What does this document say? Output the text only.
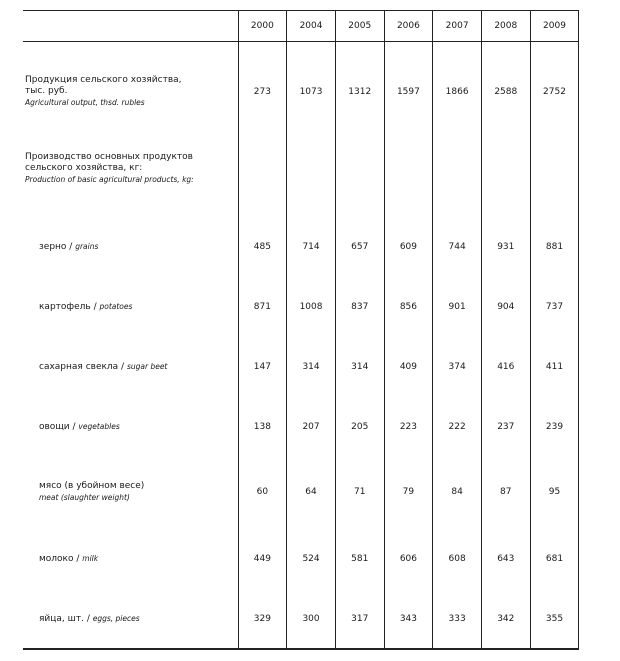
	2000	2004	2005	2006	2007	2008	2009

Продукция сельского хозяйства,
тыс. руб.
Agricultural output, thsd. rubles	273	1073	1312	1597	1866	2588	2752

Производство основных продуктов
сельского хозяйства, кг:
Production of basic agricultural products, kg:							

зерно / grains	485	714	657	609	744	931	881
картофель / potatoes	871	1008	837	856	901	904	737
сахарная свекла / sugar beet	147	314	314	409	374	416	411
овощи / vegetables	138	207	205	223	222	237	239

мясо (в убойном весе)
meat (slaughter weight)	60	64	71	79	84	87	95
молоко / milk	449	524	581	606	608	643	681
яйца, шт. / eggs, pieces	329	300	317	343	333	342	355
